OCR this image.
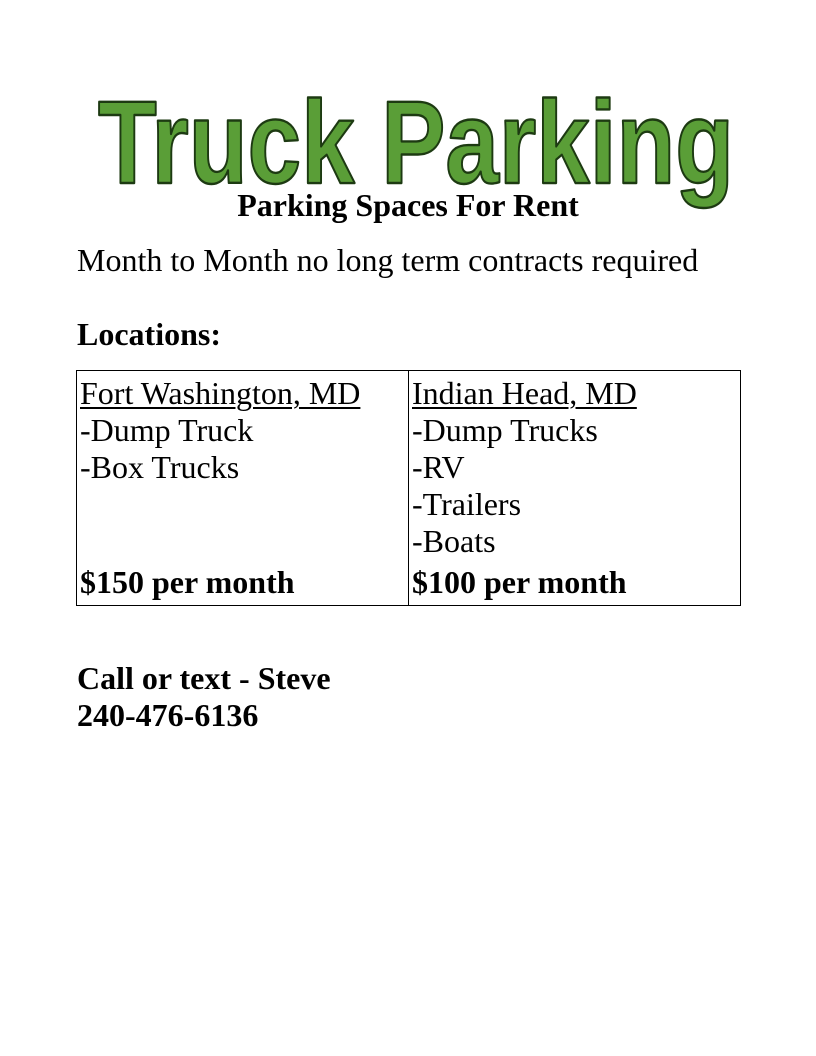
Truck Parking
Parking Spaces For Rent
Month to Month no long term contracts required
Locations:
Fort Washington, MD
-Dump Truck
-Box Trucks
$150 per month

Indian Head, MD
-Dump Trucks
-RV
-Trailers
-Boats
$100 per month
Call or text - Steve
240-476-6136
